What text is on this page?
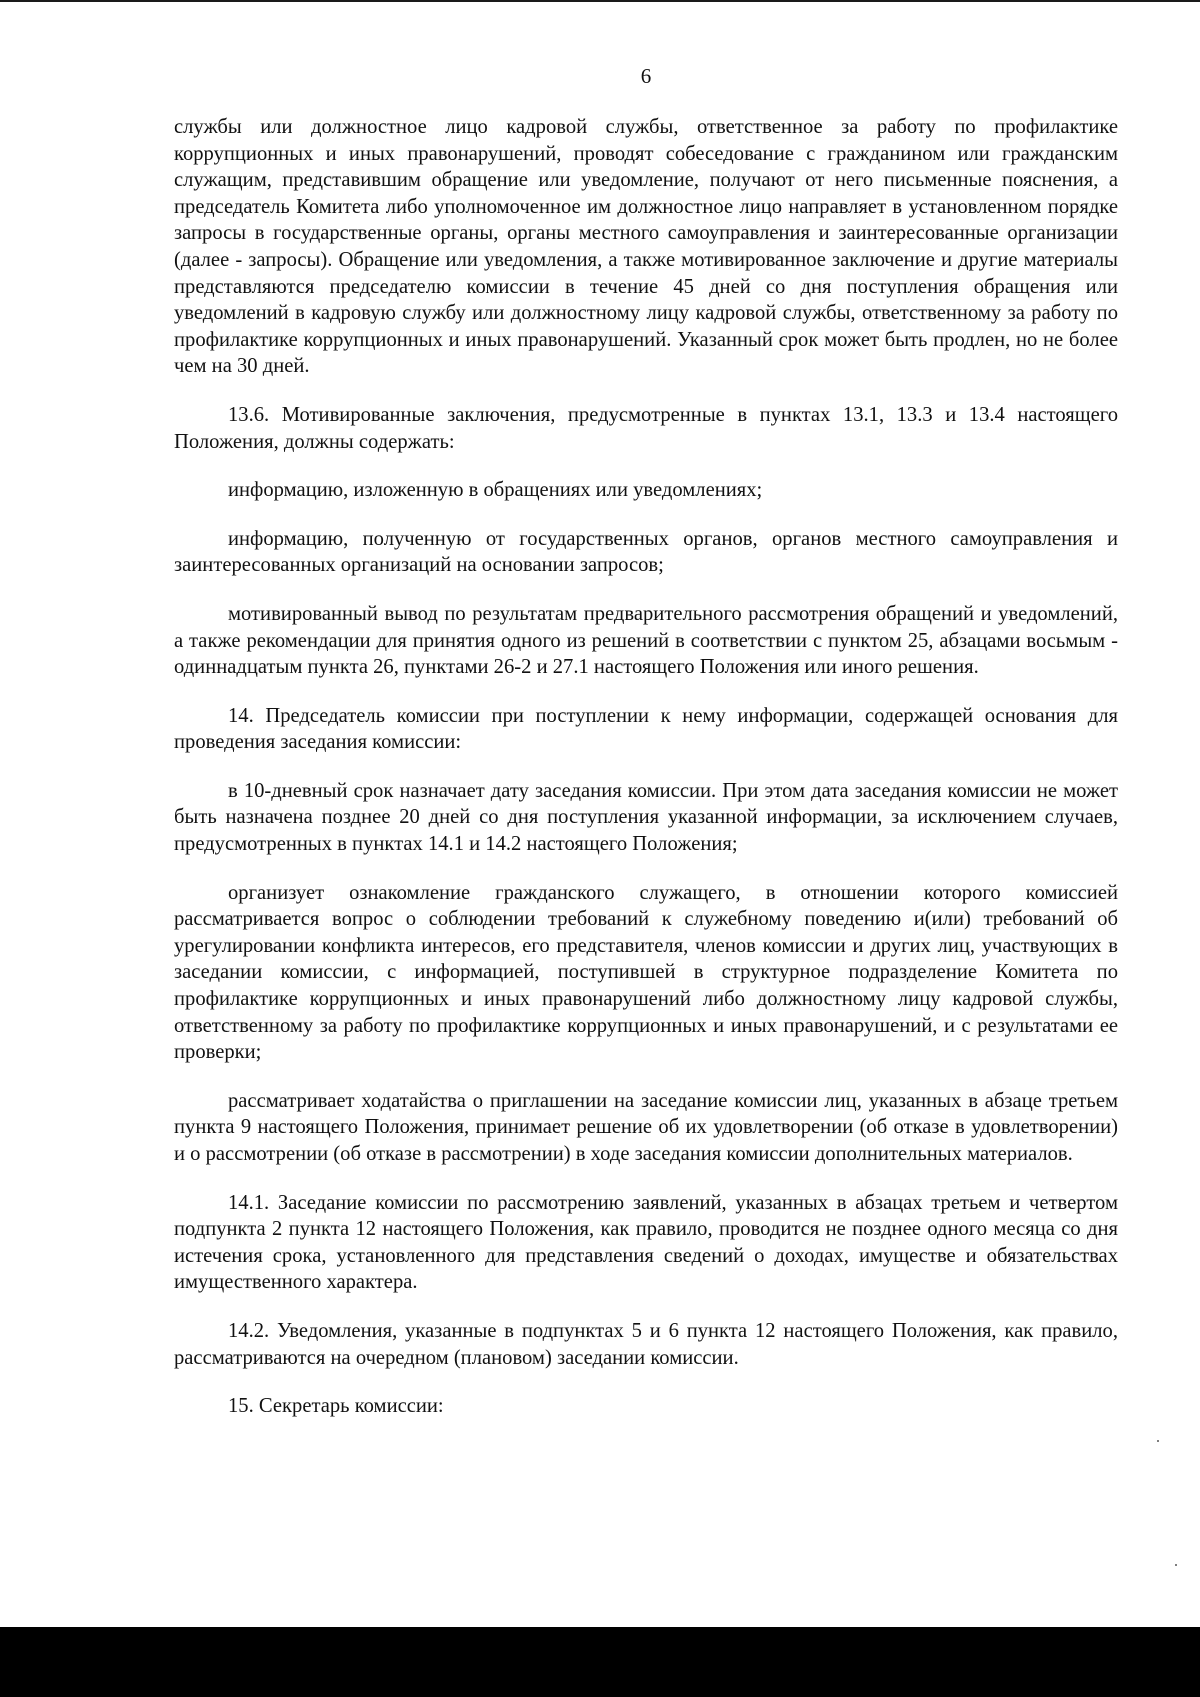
6

службы или должностное лицо кадровой службы, ответственное за работу по профилактике коррупционных и иных правонарушений, проводят собеседование с гражданином или гражданским служащим, представившим обращение или уведомление, получают от него письменные пояснения, а председатель Комитета либо уполномоченное им должностное лицо направляет в установленном порядке запросы в государственные органы, органы местного самоуправления и заинтересованные организации (далее - запросы). Обращение или уведомления, а также мотивированное заключение и другие материалы представляются председателю комиссии в течение 45 дней со дня поступления обращения или уведомлений в кадровую службу или должностному лицу кадровой службы, ответственному за работу по профилактике коррупционных и иных правонарушений. Указанный срок может быть продлен, но не более чем на 30 дней.

13.6. Мотивированные заключения, предусмотренные в пунктах 13.1, 13.3 и 13.4 настоящего Положения, должны содержать:

информацию, изложенную в обращениях или уведомлениях;

информацию, полученную от государственных органов, органов местного самоуправления и заинтересованных организаций на основании запросов;

мотивированный вывод по результатам предварительного рассмотрения обращений и уведомлений, а также рекомендации для принятия одного из решений в соответствии с пунктом 25, абзацами восьмым - одиннадцатым пункта 26, пунктами 26-2 и 27.1 настоящего Положения или иного решения.

14. Председатель комиссии при поступлении к нему информации, содержащей основания для проведения заседания комиссии:

в 10-дневный срок назначает дату заседания комиссии. При этом дата заседания комиссии не может быть назначена позднее 20 дней со дня поступления указанной информации, за исключением случаев, предусмотренных в пунктах 14.1 и 14.2 настоящего Положения;

организует ознакомление гражданского служащего, в отношении которого комиссией рассматривается вопрос о соблюдении требований к служебному поведению и(или) требований об урегулировании конфликта интересов, его представителя, членов комиссии и других лиц, участвующих в заседании комиссии, с информацией, поступившей в структурное подразделение Комитета по профилактике коррупционных и иных правонарушений либо должностному лицу кадровой службы, ответственному за работу по профилактике коррупционных и иных правонарушений, и с результатами ее проверки;

рассматривает ходатайства о приглашении на заседание комиссии лиц, указанных в абзаце третьем пункта 9 настоящего Положения, принимает решение об их удовлетворении (об отказе в удовлетворении) и о рассмотрении (об отказе в рассмотрении) в ходе заседания комиссии дополнительных материалов.

14.1. Заседание комиссии по рассмотрению заявлений, указанных в абзацах третьем и четвертом подпункта 2 пункта 12 настоящего Положения, как правило, проводится не позднее одного месяца со дня истечения срока, установленного для представления сведений о доходах, имуществе и обязательствах имущественного характера.

14.2. Уведомления, указанные в подпунктах 5 и 6 пункта 12 настоящего Положения, как правило, рассматриваются на очередном (плановом) заседании комиссии.

15. Секретарь комиссии:
